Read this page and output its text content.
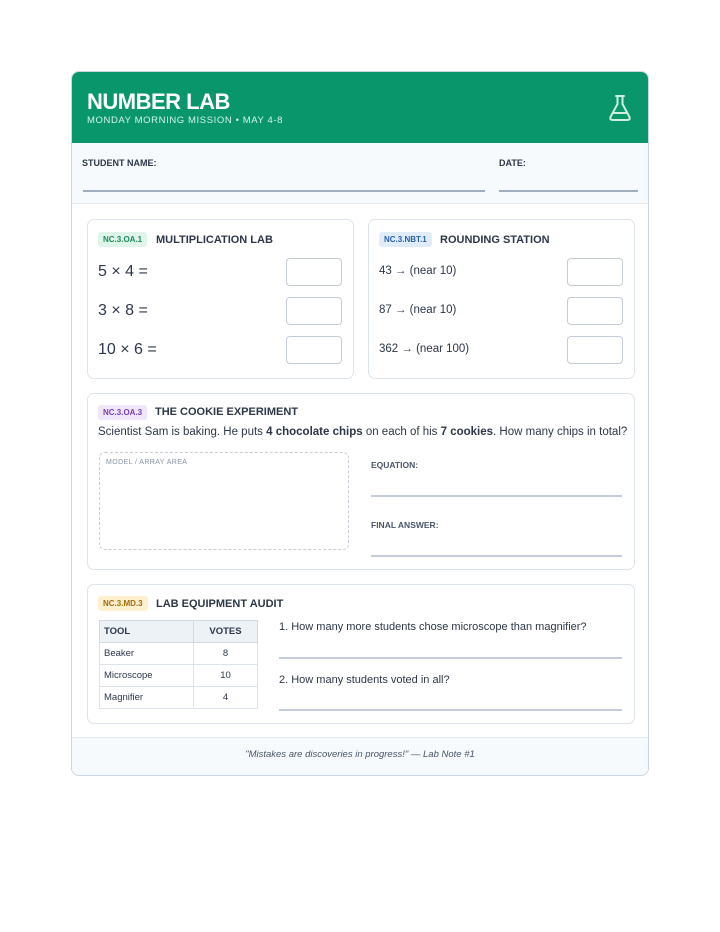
NUMBER LAB
MONDAY MORNING MISSION • MAY 4-8
STUDENT NAME:	DATE:
NC.3.OA.1	MULTIPLICATION LAB
5 × 4 =
3 × 8 =
10 × 6 =
NC.3.NBT.1	ROUNDING STATION
43 → (near 10)
87 → (near 10)
362 → (near 100)
NC.3.OA.3	THE COOKIE EXPERIMENT
Scientist Sam is baking. He puts 4 chocolate chips on each of his 7 cookies. How many chips in total?
MODEL / ARRAY AREA	EQUATION:
FINAL ANSWER:
NC.3.MD.3	LAB EQUIPMENT AUDIT
TOOL	VOTES
Beaker	8
Microscope	10
Magnifier	4
1. How many more students chose microscope than magnifier?
2. How many students voted in all?
"Mistakes are discoveries in progress!" — Lab Note #1
